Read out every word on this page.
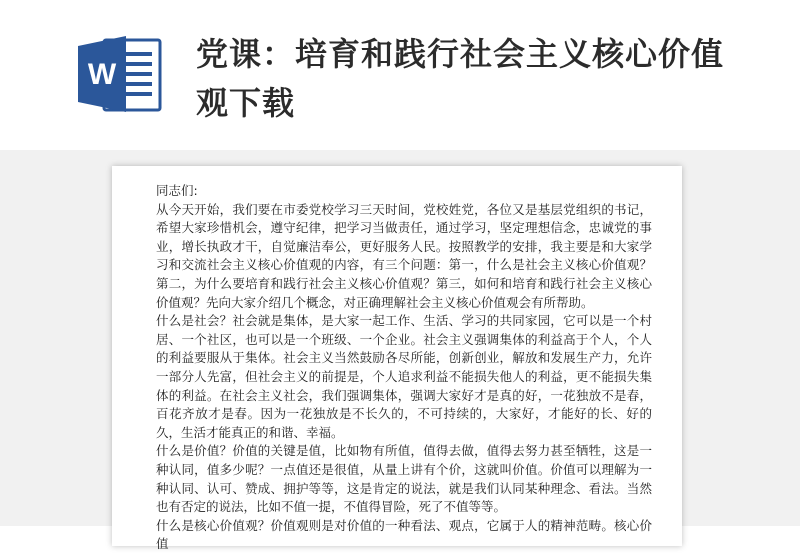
W
党课：培育和践行社会主义核心价值观下载

同志们:

从今天开始，我们要在市委党校学习三天时间，党校姓党，各位又是基层党组织的书记，希望大家珍惜机会，遵守纪律，把学习当做责任，通过学习，坚定理想信念，忠诚党的事业，增长执政才干，自觉廉洁奉公，更好服务人民。按照教学的安排，我主要是和大家学习和交流社会主义核心价值观的内容，有三个问题：第一，什么是社会主义核心价值观？第二，为什么要培育和践行社会主义核心价值观？第三，如何和培育和践行社会主义核心价值观？先向大家介绍几个概念，对正确理解社会主义核心价值观会有所帮助。

什么是社会？社会就是集体，是大家一起工作、生活、学习的共同家园，它可以是一个村居、一个社区，也可以是一个班级、一个企业。社会主义强调集体的利益高于个人，个人的利益要服从于集体。社会主义当然鼓励各尽所能，创新创业，解放和发展生产力，允许一部分人先富，但社会主义的前提是，个人追求利益不能损失他人的利益，更不能损失集体的利益。在社会主义社会，我们强调集体，强调大家好才是真的好，一花独放不是春，百花齐放才是春。因为一花独放是不长久的，不可持续的，大家好，才能好的长、好的久，生活才能真正的和谐、幸福。

什么是价值？价值的关键是值，比如物有所值，值得去做，值得去努力甚至牺牲，这是一种认同，值多少呢？一点值还是很值，从量上讲有个价，这就叫价值。价值可以理解为一种认同、认可、赞成、拥护等等，这是肯定的说法，就是我们认同某种理念、看法。当然也有否定的说法，比如不值一提，不值得冒险，死了不值等等。

什么是核心价值观？价值观则是对价值的一种看法、观点，它属于人的精神范畴。核心价值
